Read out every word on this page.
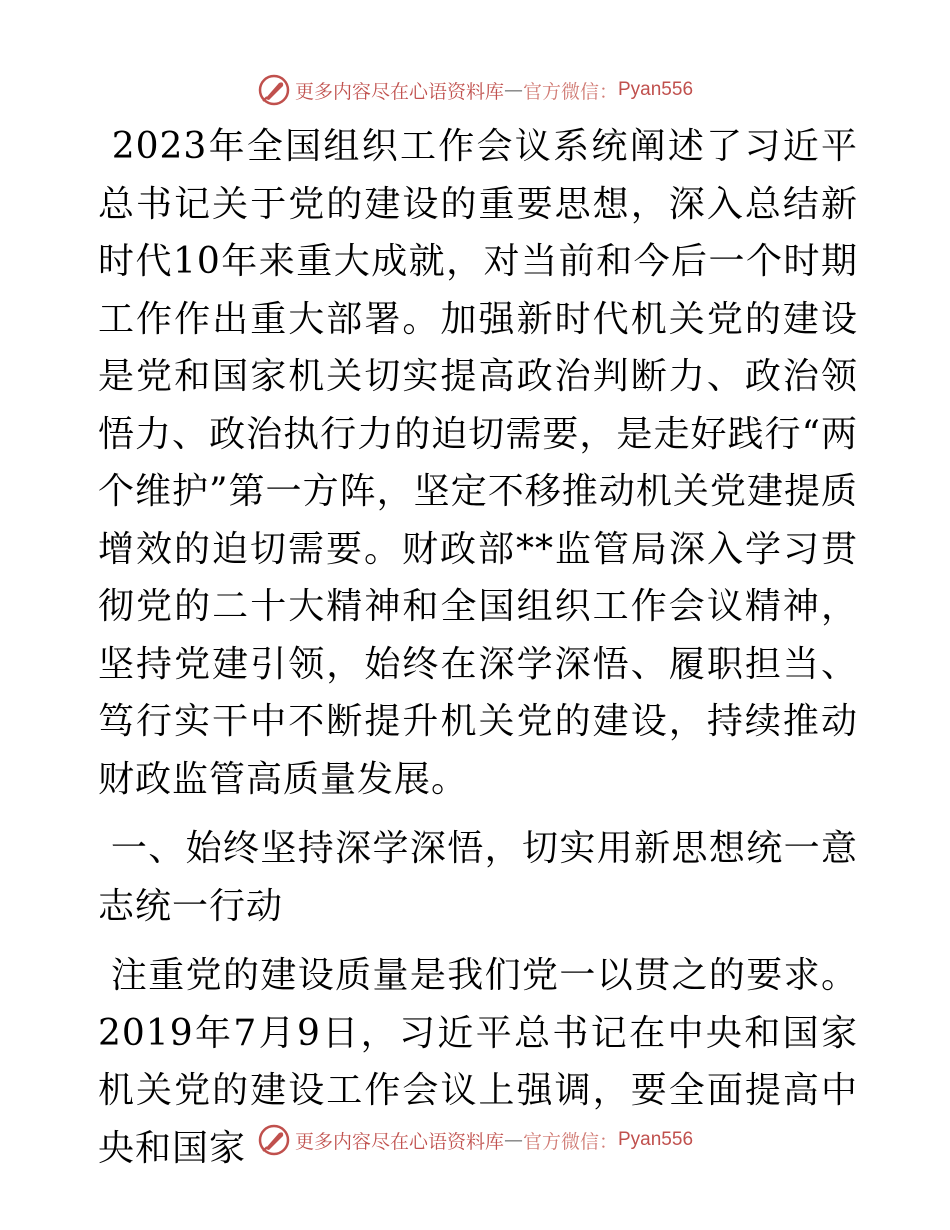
更多内容尽在心语资料库 — 官方微信： Pyan556

2023年全国组织工作会议系统阐述了习近平总书记关于党的建设的重要思想，深入总结新时代10年来重大成就，对当前和今后一个时期工作作出重大部署。加强新时代机关党的建设是党和国家机关切实提高政治判断力、政治领悟力、政治执行力的迫切需要，是走好践行“两个维护”第一方阵，坚定不移推动机关党建提质增效的迫切需要。财政部**监管局深入学习贯彻党的二十大精神和全国组织工作会议精神，坚持党建引领，始终在深学深悟、履职担当、笃行实干中不断提升机关党的建设，持续推动财政监管高质量发展。

一、始终坚持深学深悟，切实用新思想统一意志统一行动

注重党的建设质量是我们党一以贯之的要求。2019年7月9日，习近平总书记在中央和国家机关党的建设工作会议上强调，要全面提高中央和国家	更多内容尽在心语资料库 — 官方微信： Pyan556
